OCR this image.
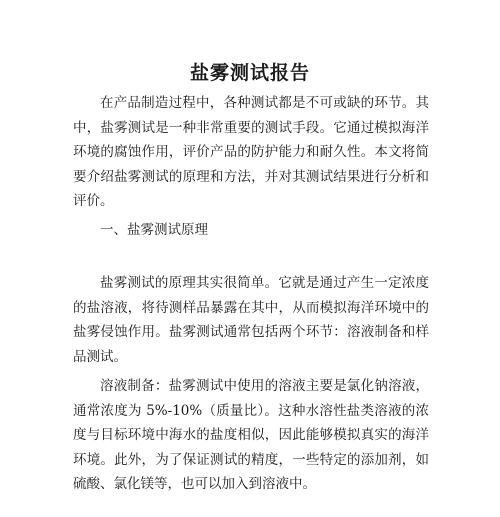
盐雾测试报告

在产品制造过程中，各种测试都是不可或缺的环节。其中，盐雾测试是一种非常重要的测试手段。它通过模拟海洋环境的腐蚀作用，评价产品的防护能力和耐久性。本文将简要介绍盐雾测试的原理和方法，并对其测试结果进行分析和评价。

一、盐雾测试原理

盐雾测试的原理其实很简单。它就是通过产生一定浓度的盐溶液，将待测样品暴露在其中，从而模拟海洋环境中的盐雾侵蚀作用。盐雾测试通常包括两个环节：溶液制备和样品测试。

溶液制备：盐雾测试中使用的溶液主要是氯化钠溶液，通常浓度为 5%-10%（质量比）。这种水溶性盐类溶液的浓度与目标环境中海水的盐度相似，因此能够模拟真实的海洋环境。此外，为了保证测试的精度，一些特定的添加剂，如硫酸、氯化镁等，也可以加入到溶液中。
